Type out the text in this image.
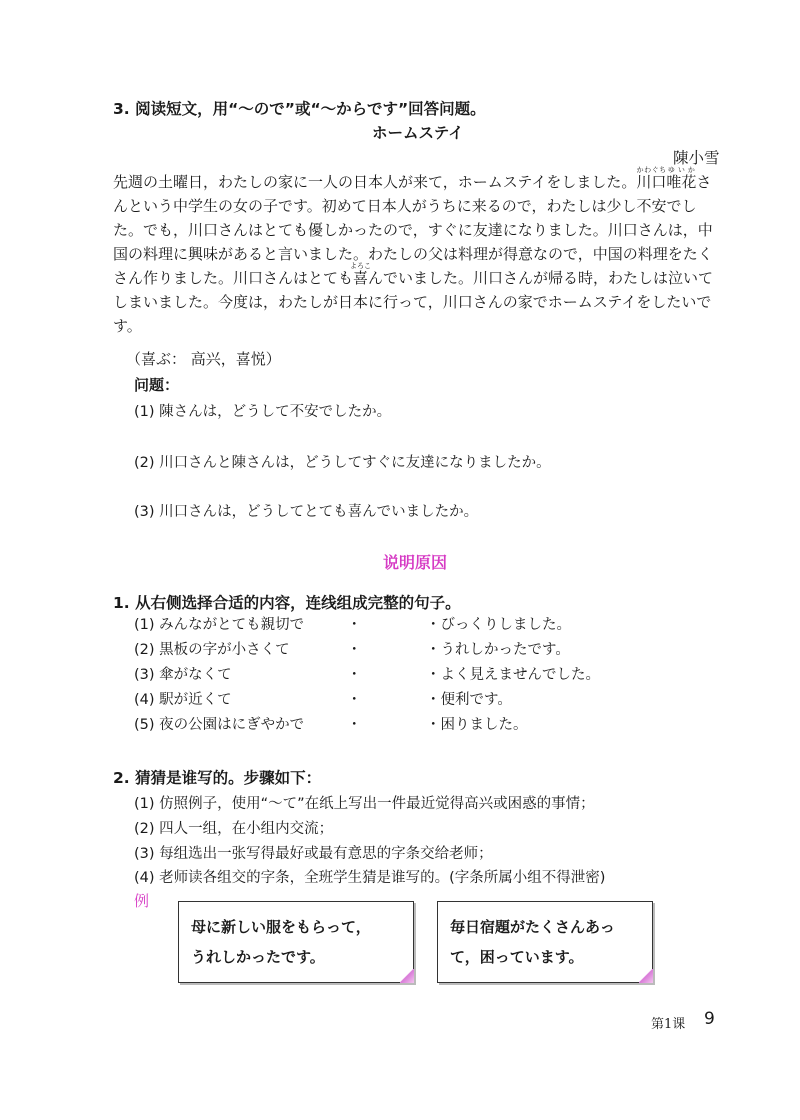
3. 阅读短文，用“～ので”或“～からです”回答问题。
ホームステイ
陳小雪

先週の土曜日，わたしの家に一人の日本人が来て，ホームステイをしました。川口かわぐち唯花ゆいかさんという中学生の女の子です。初めて日本人がうちに来るので，わたしは少し不安でした。でも，川口さんはとても優しかったので，すぐに友達になりました。川口さんは，中国の料理に興味があると言いました。わたしの父は料理が得意なので，中国の料理をたくさん作りました。川口さんはとても喜よろこんでいました。川口さんが帰る時，わたしは泣いてしまいました。今度は，わたしが日本に行って，川口さんの家でホームステイをしたいです。

（喜ぶ： 高兴，喜悦）
问题：
(1) 陳さんは，どうして不安でしたか。
(2) 川口さんと陳さんは，どうしてすぐに友達になりましたか。
(3) 川口さんは，どうしてとても喜んでいましたか。
说明原因
1. 从右侧选择合适的内容，连线组成完整的句子。
(1) みんながとても親切で
(2) 黒板の字が小さくて
(3) 傘がなくて
(4) 駅が近くて
(5) 夜の公園はにぎやかで
・
・
・
・
・
・びっくりしました。
・うれしかったです。
・よく見えませんでした。
・便利です。
・困りました。
2. 猜猜是谁写的。步骤如下：
(1) 仿照例子，使用“～て”在纸上写出一件最近觉得高兴或困惑的事情；
(2) 四人一组，在小组内交流；
(3) 每组选出一张写得最好或最有意思的字条交给老师；
(4) 老师读各组交的字条，全班学生猜是谁写的。(字条所属小组不得泄密)
例
母に新しい服をもらって，
うれしかったです。
毎日宿題がたくさんあっ
て，困っています。
第1课 9
